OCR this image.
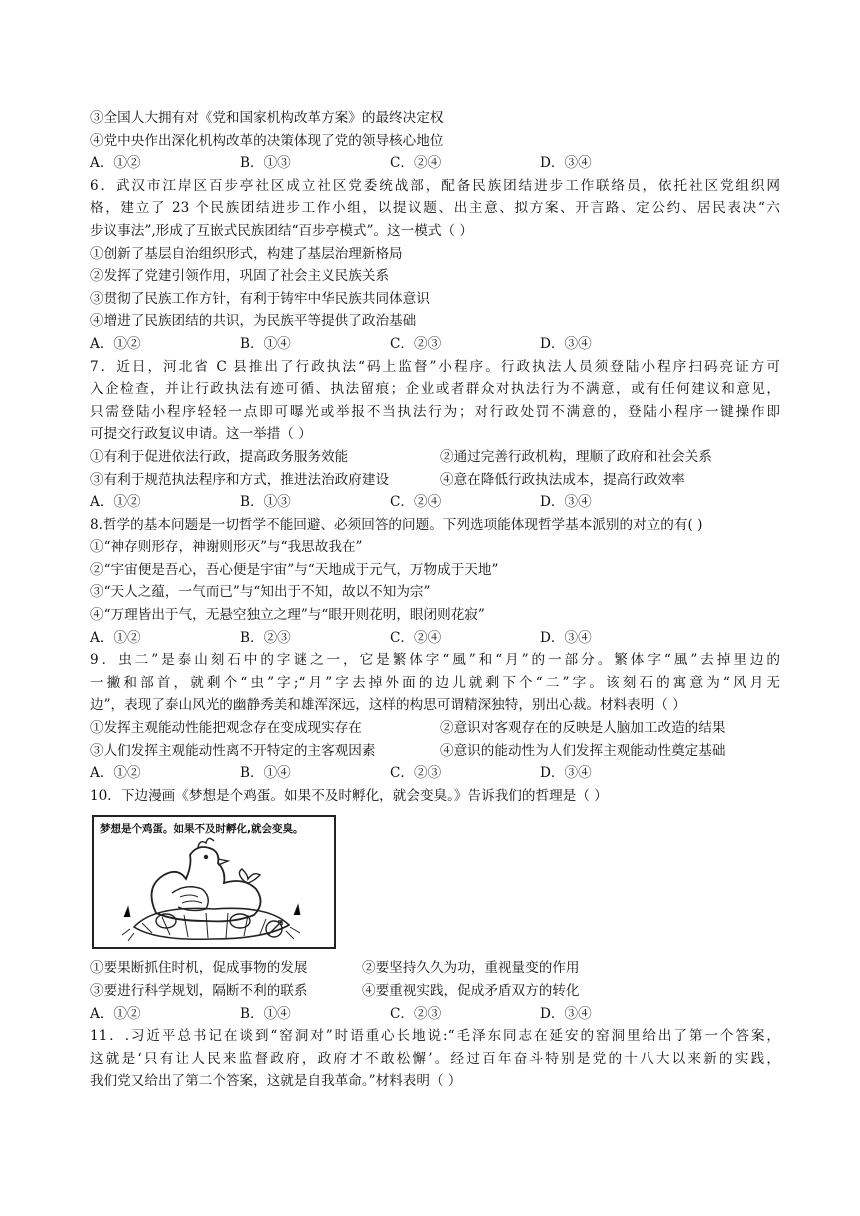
③全国人大拥有对《党和国家机构改革方案》的最终决定权
④党中央作出深化机构改革的决策体现了党的领导核心地位
A．①②	B．①③	C．②④	D．③④
6．武汉市江岸区百步亭社区成立社区党委统战部，配备民族团结进步工作联络员，依托社区党组织网
格，建立了 23 个民族团结进步工作小组，以提议题、出主意、拟方案、开言路、定公约、居民表决“六
步议事法”,形成了互嵌式民族团结“百步亭模式”。这一模式（ ）
①创新了基层自治组织形式，构建了基层治理新格局
②发挥了党建引领作用，巩固了社会主义民族关系
③贯彻了民族工作方针，有利于铸牢中华民族共同体意识
④增进了民族团结的共识，为民族平等提供了政治基础
A．①②	B．①④	C．②③	D．③④
7．近日，河北省 C 县推出了行政执法“码上监督”小程序。行政执法人员须登陆小程序扫码亮证方可
入企检查，并让行政执法有迹可循、执法留痕；企业或者群众对执法行为不满意，或有任何建议和意见，
只需登陆小程序轻轻一点即可曝光或举报不当执法行为；对行政处罚不满意的，登陆小程序一键操作即
可提交行政复议申请。这一举措（ ）
①有利于促进依法行政，提高政务服务效能	②通过完善行政机构，理顺了政府和社会关系
③有利于规范执法程序和方式，推进法治政府建设	④意在降低行政执法成本，提高行政效率
A．①②	B．①③	C．②④	D．③④
8.哲学的基本问题是一切哲学不能回避、必须回答的问题。下列选项能体现哲学基本派别的对立的有( )
①“神存则形存，神谢则形灭”与“我思故我在”
②“宇宙便是吾心，吾心便是宇宙”与“天地成于元气，万物成于天地”
③“天人之蕴，一气而已”与“知出于不知，故以不知为宗”
④“万理皆出于气，无悬空独立之理”与“眼开则花明，眼闭则花寂”
A．①②	B．②③	C．②④	D．③④
9．虫二”是泰山刻石中的字谜之一，它是繁体字“風”和“月”的一部分。繁体字“風”去掉里边的
一撇和部首，就剩个“虫”字;“月”字去掉外面的边儿就剩下个“二”字。该刻石的寓意为“风月无
边”，表现了泰山风光的幽静秀美和雄浑深远，这样的构思可谓精深独特，别出心裁。材料表明（ ）
①发挥主观能动性能把观念存在变成现实存在	②意识对客观存在的反映是人脑加工改造的结果
③人们发挥主观能动性离不开特定的主客观因素	④意识的能动性为人们发挥主观能动性奠定基础
A．①②	B．①④	C．②③	D．③④
10．下边漫画《梦想是个鸡蛋。如果不及时孵化，就会变臭。》告诉我们的哲理是（ ）
梦想是个鸡蛋。如果不及时孵化,就会变臭。
①要果断抓住时机，促成事物的发展	②要坚持久久为功，重视量变的作用
③要进行科学规划，隔断不利的联系	④要重视实践，促成矛盾双方的转化
A．①②	B．①④	C．②③	D．③④
11．.习近平总书记在谈到“窑洞对”时语重心长地说:“毛泽东同志在延安的窑洞里给出了第一个答案，
这就是‘只有让人民来监督政府，政府才不敢松懈’。经过百年奋斗特别是党的十八大以来新的实践，
我们党又给出了第二个答案，这就是自我革命。”材料表明（ ）
